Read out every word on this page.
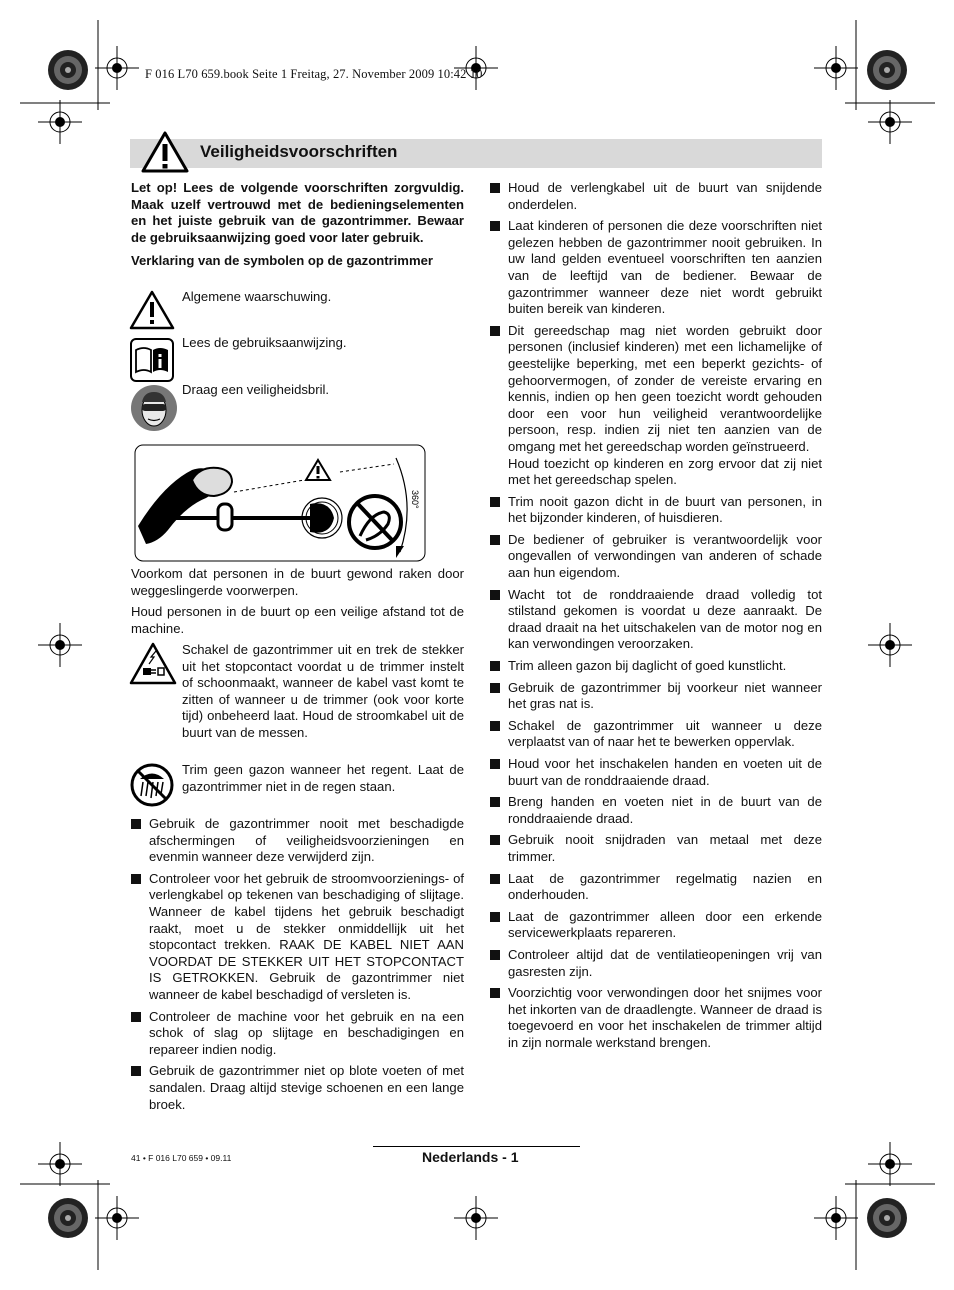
F 016 L70 659.book Seite 1 Freitag, 27. November 2009 10:42 10
Veiligheidsvoorschriften

Let op! Lees de volgende voorschriften zorgvuldig. Maak uzelf vertrouwd met de bedieningselementen en het juiste gebruik van de gazontrimmer. Bewaar de gebruiksaanwijzing goed voor later gebruik.

Verklaring van de symbolen op de gazontrimmer

Algemene waarschuwing.
Lees de gebruiksaanwijzing.
Draag een veiligheidsbril.
360°
Voorkom dat personen in de buurt gewond raken door weggeslingerde voorwerpen.
Houd personen in de buurt op een veilige afstand tot de machine.
Schakel de gazontrimmer uit en trek de stekker uit het stopcontact voordat u de trimmer instelt of schoonmaakt, wanneer de kabel vast komt te zitten of wanneer u de trimmer (ook voor korte tijd) onbeheerd laat. Houd de stroomkabel uit de buurt van de messen.
Trim geen gazon wanneer het regent. Laat de gazontrimmer niet in de regen staan.
Gebruik de gazontrimmer nooit met beschadigde afschermingen of veiligheidsvoorzieningen en evenmin wanneer deze verwijderd zijn.
Controleer voor het gebruik de stroomvoorzienings- of verlengkabel op tekenen van beschadiging of slijtage. Wanneer de kabel tijdens het gebruik beschadigt raakt, moet u de stekker onmiddellijk uit het stopcontact trekken. RAAK DE KABEL NIET AAN VOORDAT DE STEKKER UIT HET STOPCONTACT IS GETROKKEN. Gebruik de gazontrimmer niet wanneer de kabel beschadigd of versleten is.
Controleer de machine voor het gebruik en na een schok of slag op slijtage en beschadigingen en repareer indien nodig.
Gebruik de gazontrimmer niet op blote voeten of met sandalen. Draag altijd stevige schoenen en een lange broek.
Houd de verlengkabel uit de buurt van snijdende onderdelen.
Laat kinderen of personen die deze voorschriften niet gelezen hebben de gazontrimmer nooit gebruiken. In uw land gelden eventueel voorschriften ten aanzien van de leeftijd van de bediener. Bewaar de gazontrimmer wanneer deze niet wordt gebruikt buiten bereik van kinderen.
Dit gereedschap mag niet worden gebruikt door personen (inclusief kinderen) met een lichamelijke of geestelijke beperking, met een beperkt gezichts- of gehoorvermogen, of zonder de vereiste ervaring en kennis, indien op hen geen toezicht wordt gehouden door een voor hun veiligheid verantwoordelijke persoon, resp. indien zij niet ten aanzien van de omgang met het gereedschap worden geïnstrueerd.
Houd toezicht op kinderen en zorg ervoor dat zij niet met het gereedschap spelen.
Trim nooit gazon dicht in de buurt van personen, in het bijzonder kinderen, of huisdieren.
De bediener of gebruiker is verantwoordelijk voor ongevallen of verwondingen van anderen of schade aan hun eigendom.
Wacht tot de ronddraaiende draad volledig tot stilstand gekomen is voordat u deze aanraakt. De draad draait na het uitschakelen van de motor nog en kan verwondingen veroorzaken.
Trim alleen gazon bij daglicht of goed kunstlicht.
Gebruik de gazontrimmer bij voorkeur niet wanneer het gras nat is.
Schakel de gazontrimmer uit wanneer u deze verplaatst van of naar het te bewerken oppervlak.
Houd voor het inschakelen handen en voeten uit de buurt van de ronddraaiende draad.
Breng handen en voeten niet in de buurt van de ronddraaiende draad.
Gebruik nooit snijdraden van metaal met deze trimmer.
Laat de gazontrimmer regelmatig nazien en onderhouden.
Laat de gazontrimmer alleen door een erkende servicewerkplaats repareren.
Controleer altijd dat de ventilatieopeningen vrij van gasresten zijn.
Voorzichtig voor verwondingen door het snijmes voor het inkorten van de draadlengte. Wanneer de draad is toegevoerd en voor het inschakelen de trimmer altijd in zijn normale werkstand brengen.
41 • F 016 L70 659 • 09.11	Nederlands - 1
